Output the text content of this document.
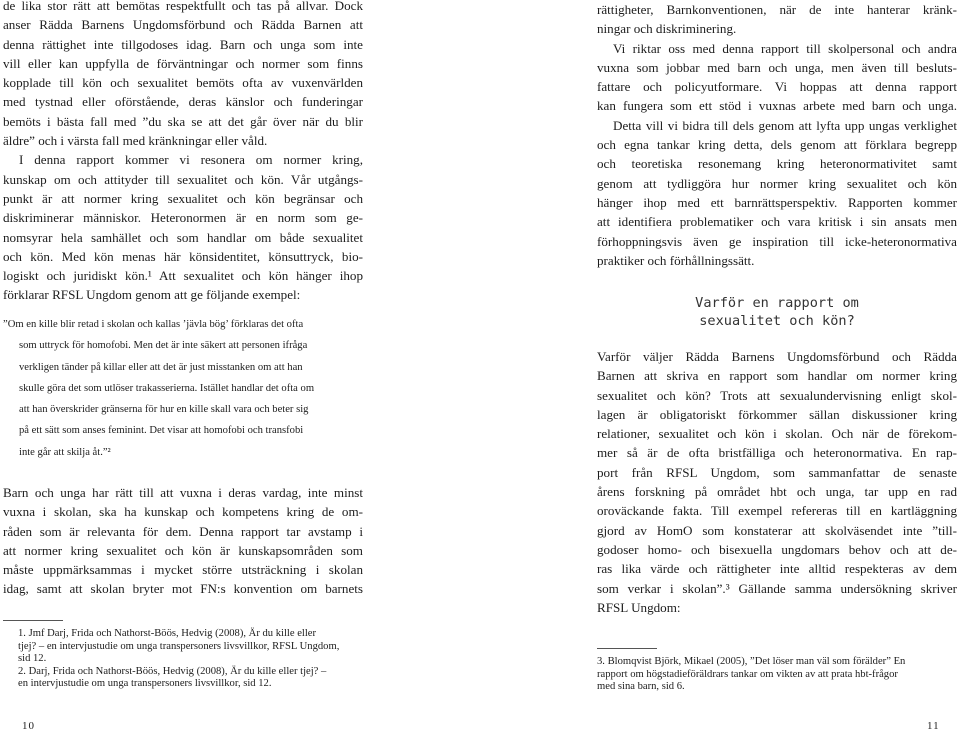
de lika stor rätt att bemötas respektfullt och tas på allvar. Dock

anser Rädda Barnens Ungdomsförbund och Rädda Barnen att

denna rättighet inte tillgodoses idag. Barn och unga som inte

vill eller kan uppfylla de förväntningar och normer som finns

kopplade till kön och sexualitet bemöts ofta av vuxenvärlden

med tystnad eller oförstående, deras känslor och funderingar

bemöts i bästa fall med ”du ska se att det går över när du blir

äldre” och i värsta fall med kränkningar eller våld.

I denna rapport kommer vi resonera om normer kring,

kunskap om och attityder till sexualitet och kön. Vår utgångs-

punkt är att normer kring sexualitet och kön begränsar och

diskriminerar människor. Heteronormen är en norm som ge-

nomsyrar hela samhället och som handlar om både sexualitet

och kön. Med kön menas här könsidentitet, könsuttryck, bio-

logiskt och juridiskt kön.¹ Att sexualitet och kön hänger ihop

förklarar RFSL Ungdom genom att ge följande exempel:

”Om en kille blir retad i skolan och kallas ’jävla bög’ förklaras det ofta

som uttryck för homofobi. Men det är inte säkert att personen ifråga

verkligen tänder på killar eller att det är just misstanken om att han

skulle göra det som utlöser trakasserierna. Istället handlar det ofta om

att han överskrider gränserna för hur en kille skall vara och beter sig

på ett sätt som anses feminint. Det visar att homofobi och transfobi

inte går att skilja åt.”²

Barn och unga har rätt till att vuxna i deras vardag, inte minst

vuxna i skolan, ska ha kunskap och kompetens kring de om-

råden som är relevanta för dem. Denna rapport tar avstamp i

att normer kring sexualitet och kön är kunskapsområden som

måste uppmärksammas i mycket större utsträckning i skolan

idag, samt att skolan bryter mot FN:s konvention om barnets

1. Jmf Darj, Frida och Nathorst-Böös, Hedvig (2008), Är du kille eller

tjej? – en intervjustudie om unga transpersoners livsvillkor, RFSL Ungdom,

sid 12.

2. Darj, Frida och Nathorst-Böös, Hedvig (2008), Är du kille eller tjej? –

en intervjustudie om unga transpersoners livsvillkor, sid 12.

10

rättigheter, Barnkonventionen, när de inte hanterar kränk-

ningar och diskriminering.

Vi riktar oss med denna rapport till skolpersonal och andra

vuxna som jobbar med barn och unga, men även till besluts-

fattare och policyutformare. Vi hoppas att denna rapport

kan fungera som ett stöd i vuxnas arbete med barn och unga.

Detta vill vi bidra till dels genom att lyfta upp ungas verklighet

och egna tankar kring detta, dels genom att förklara begrepp

och teoretiska resonemang kring heteronormativitet samt

genom att tydliggöra hur normer kring sexualitet och kön

hänger ihop med ett barnrättsperspektiv. Rapporten kommer

att identifiera problematiker och vara kritisk i sin ansats men

förhoppningsvis även ge inspiration till icke-heteronormativa

praktiker och förhållningssätt.

Varför en rapport om
sexualitet och kön?

Varför väljer Rädda Barnens Ungdomsförbund och Rädda

Barnen att skriva en rapport som handlar om normer kring

sexualitet och kön? Trots att sexualundervisning enligt skol-

lagen är obligatoriskt förkommer sällan diskussioner kring

relationer, sexualitet och kön i skolan. Och när de förekom-

mer så är de ofta bristfälliga och heteronormativa. En rap-

port från RFSL Ungdom, som sammanfattar de senaste

årens forskning på området hbt och unga, tar upp en rad

oroväckande fakta. Till exempel refereras till en kartläggning

gjord av HomO som konstaterar att skolväsendet inte ”till-

godoser homo- och bisexuella ungdomars behov och att de-

ras lika värde och rättigheter inte alltid respekteras av dem

som verkar i skolan”.³ Gällande samma undersökning skriver

RFSL Ungdom:

3. Blomqvist Björk, Mikael (2005), ”Det löser man väl som förälder” En

rapport om högstadieföräldrars tankar om vikten av att prata hbt-frågor

med sina barn, sid 6.

11
